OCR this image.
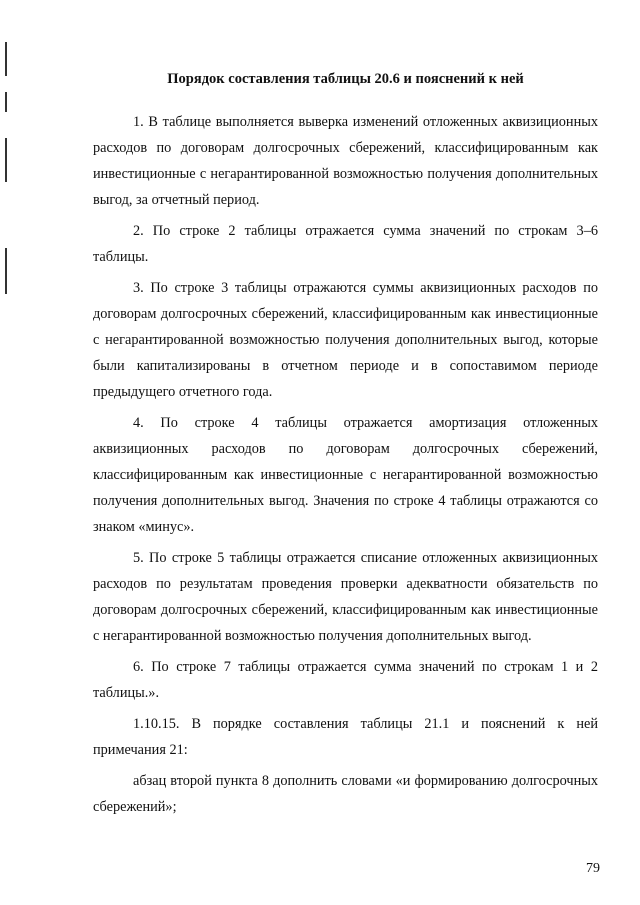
Порядок составления таблицы 20.6 и пояснений к ней

1. В таблице выполняется выверка изменений отложенных аквизиционных расходов по договорам долгосрочных сбережений, классифицированным как инвестиционные с негарантированной возможностью получения дополнительных выгод, за отчетный период.

2. По строке 2 таблицы отражается сумма значений по строкам 3–6 таблицы.

3. По строке 3 таблицы отражаются суммы аквизиционных расходов по договорам долгосрочных сбережений, классифицированным как инвестиционные с негарантированной возможностью получения дополнительных выгод, которые были капитализированы в отчетном периоде и в сопоставимом периоде предыдущего отчетного года.

4. По строке 4 таблицы отражается амортизация отложенных аквизиционных расходов по договорам долгосрочных сбережений, классифицированным как инвестиционные с негарантированной возможностью получения дополнительных выгод. Значения по строке 4 таблицы отражаются со знаком «минус».

5. По строке 5 таблицы отражается списание отложенных аквизиционных расходов по результатам проведения проверки адекватности обязательств по договорам долгосрочных сбережений, классифицированным как инвестиционные с негарантированной возможностью получения дополнительных выгод.

6. По строке 7 таблицы отражается сумма значений по строкам 1 и 2 таблицы.».

1.10.15. В порядке составления таблицы 21.1 и пояснений к ней примечания 21:

абзац второй пункта 8 дополнить словами «и формированию долгосрочных сбережений»;

79
